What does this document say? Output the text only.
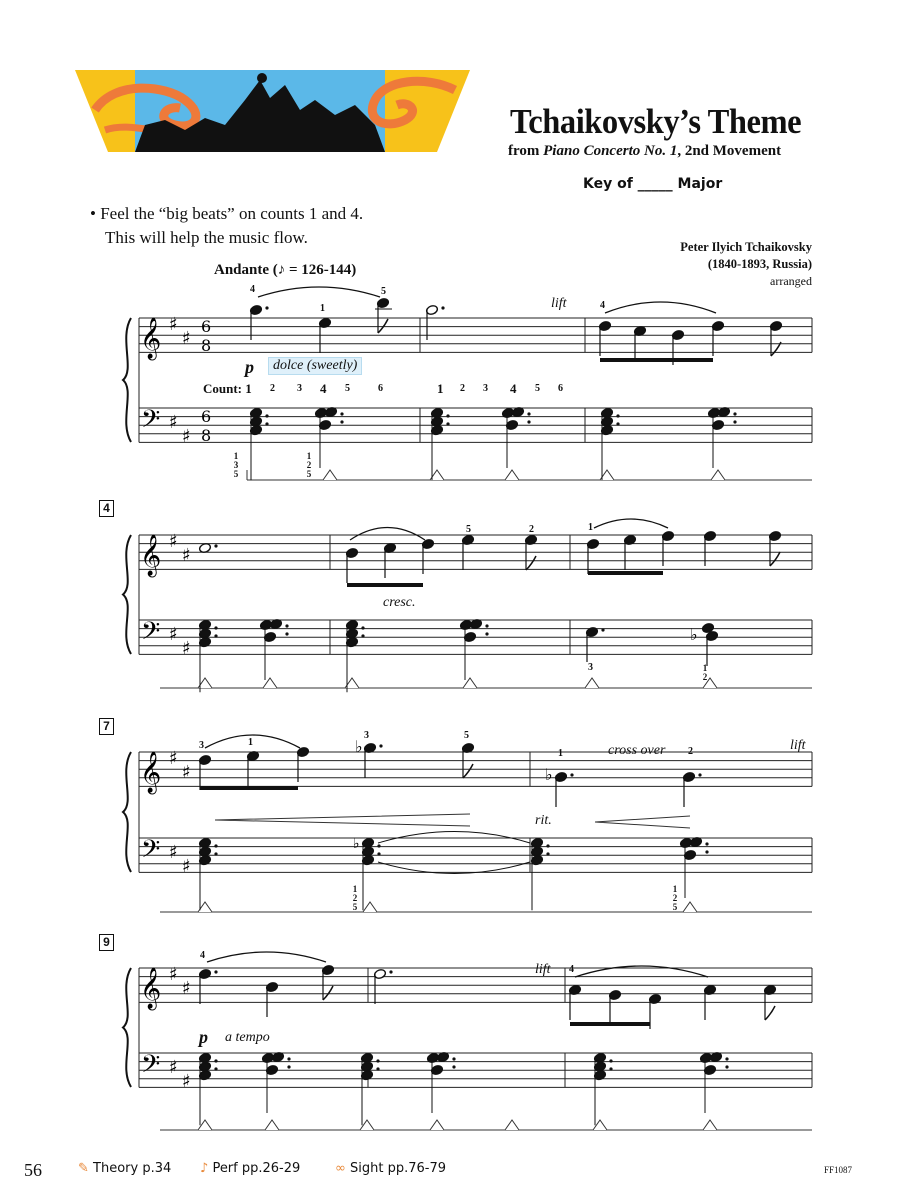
Tchaikovsky’s Theme
from Piano Concerto No. 1, 2nd Movement
Key of _____ Major
• Feel the “big beats” on counts 1 and 4.
This will help the music flow.	Peter Ilyich Tchaikovsky
(1840-1893, Russia)
arranged
Andante (♪ = 126-144)
𝄞
𝄢
♯
♯
♯
♯
6
8
6
8
𝄞
𝄢
♯
♯
♯
♯
𝄞
𝄢
♯
♯
♯
♯
𝄞
𝄢
♯
♯
♯
♯
♭
♭
♭
♭
4
1
5
4
lift
p	dolce (sweetly)
Count: 1 2 3 4 5	6	1 2 3 4 5 6
1
3
5
1
2
5
4
5	2	1
cresc.
3	1
2
7
3	1
3	5
1	2
cross over	lift
rit.
1
2
5
1
2
5
9
4
4
lift
p a tempo
56	✎ Theory p.34 ♪ Perf pp.26-29	∞ Sight pp.76-79	FF1087
